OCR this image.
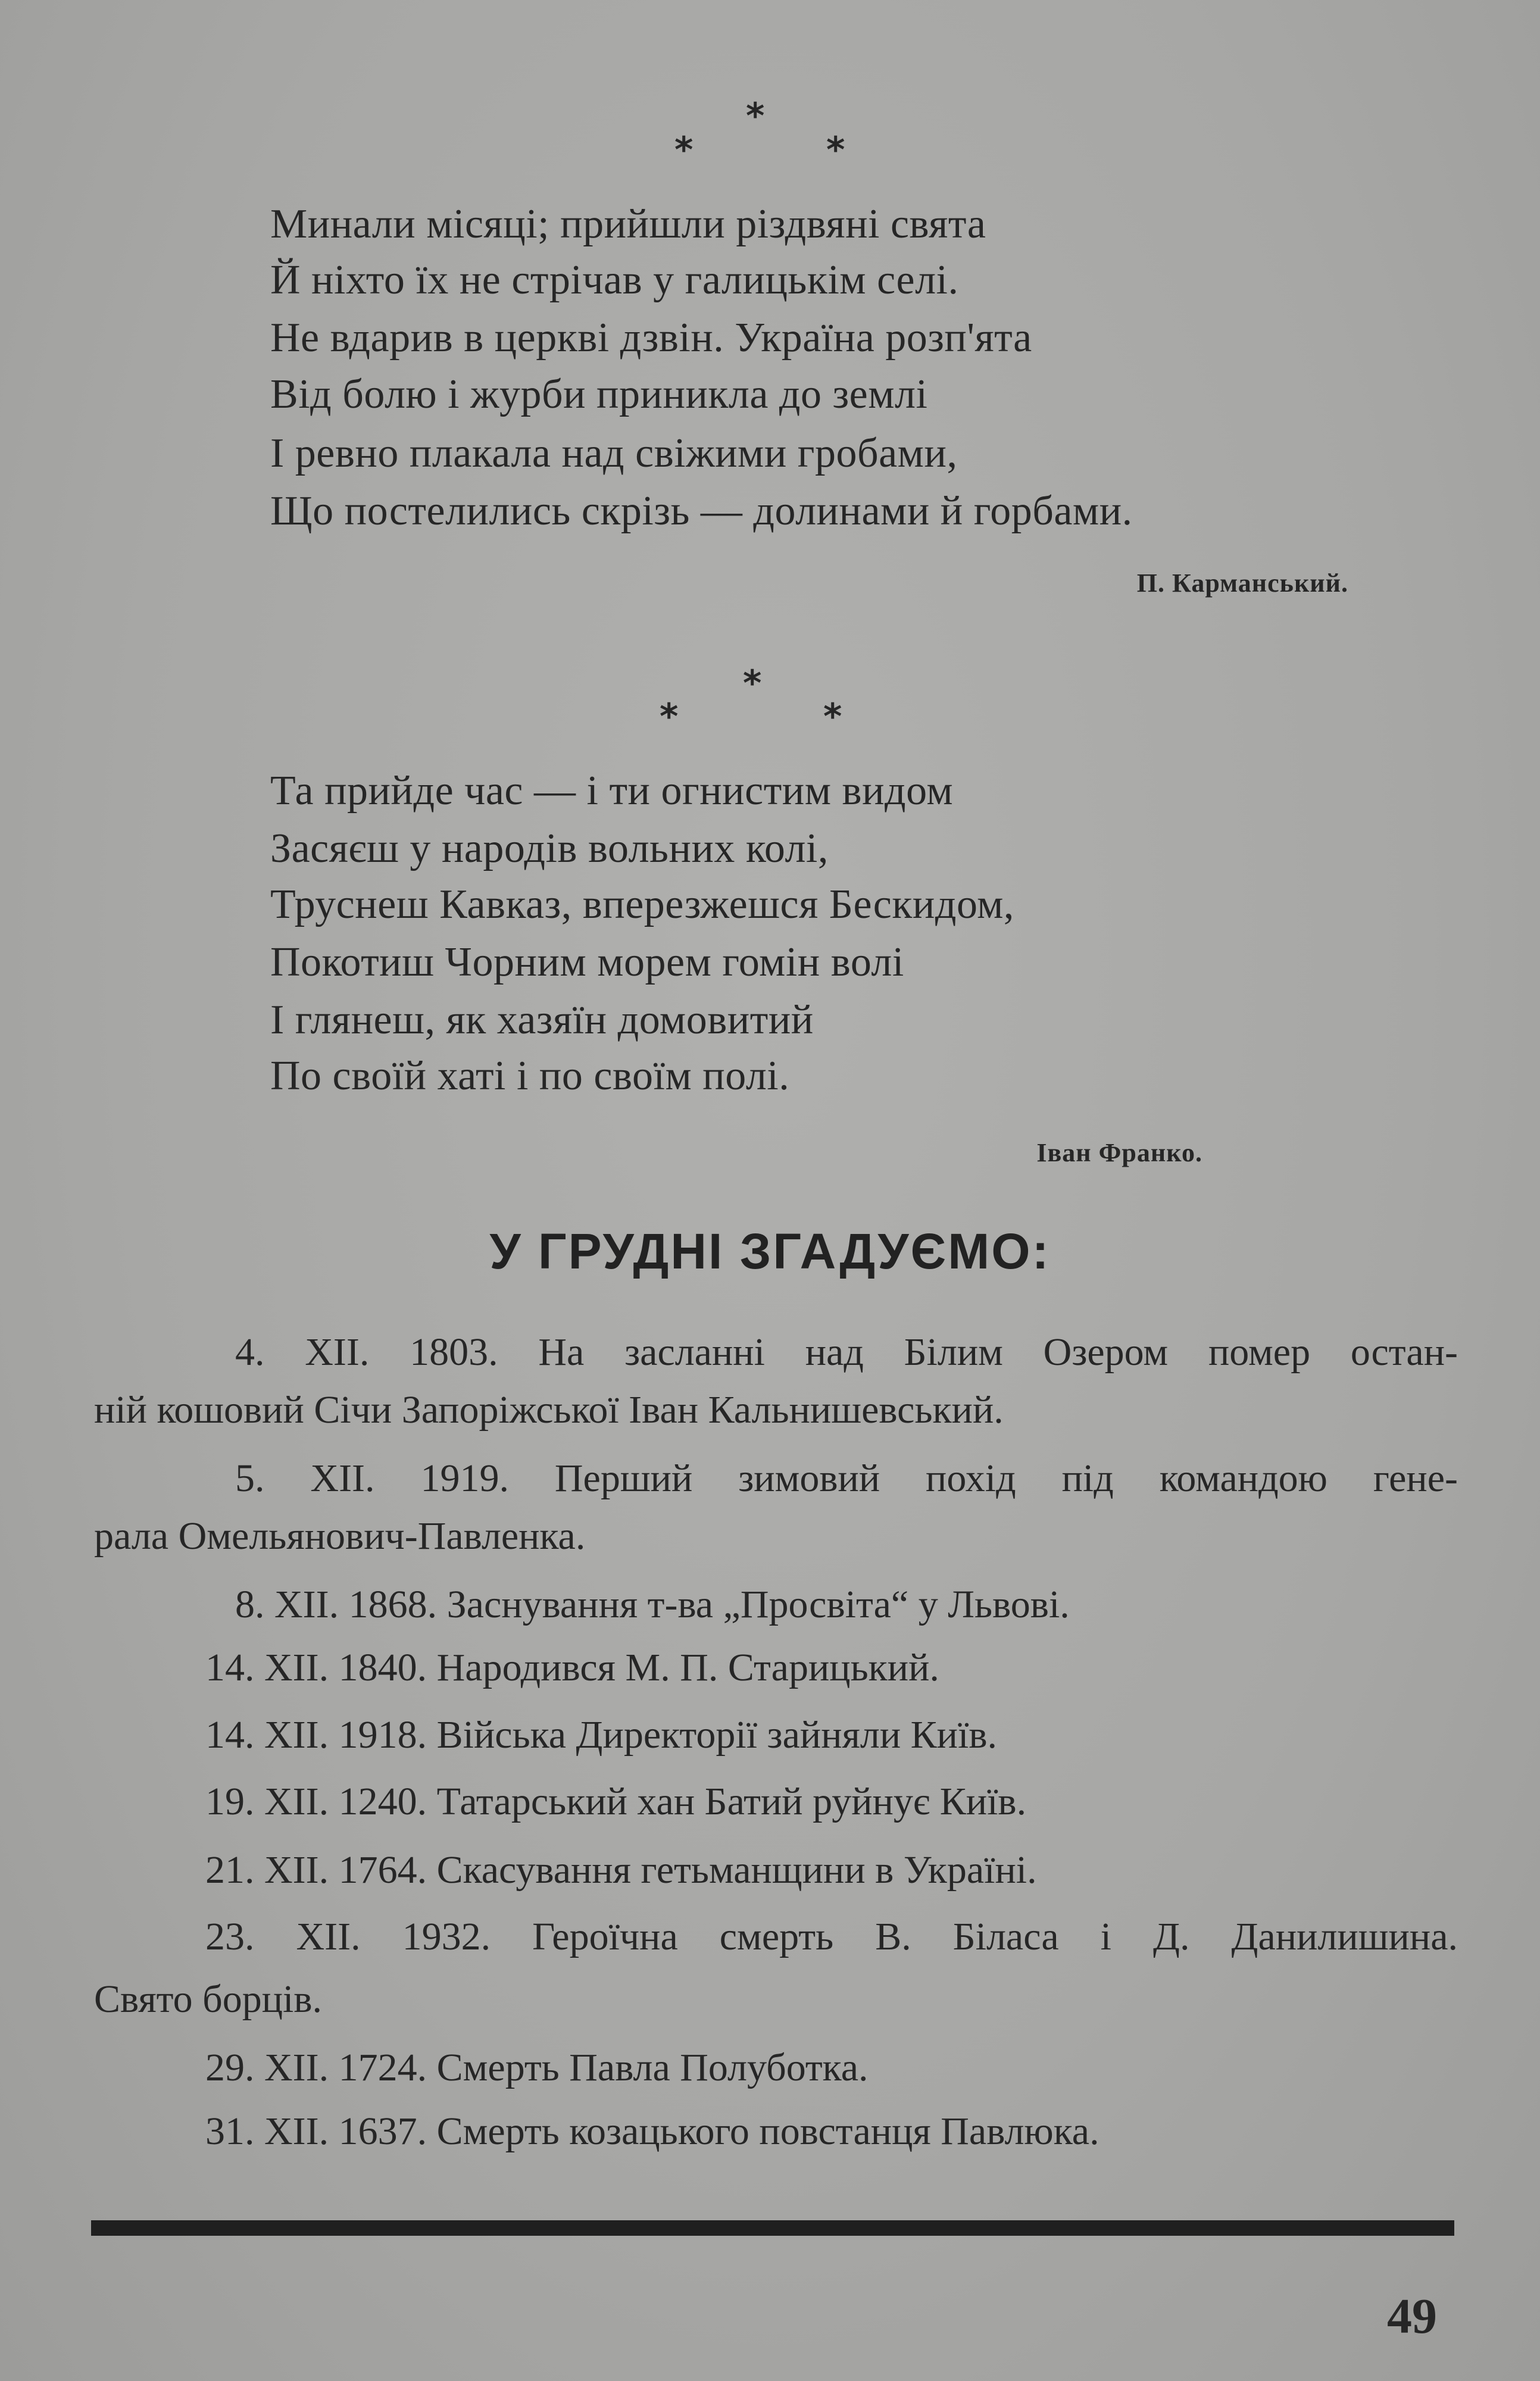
*
*	*
Минали місяці; прийшли різдвяні свята
Й ніхто їх не стрічав у галицькім селі.
Не вдарив в церкві дзвін. Україна розп'ята
Від болю і журби приникла до землі
І ревно плакала над свіжими гробами,
Що постелились скрізь — долинами й горбами.
П. Карманський.
*
*	*
Та прийде час — і ти огнистим видом
Засяєш у народів вольних колі,
Труснеш Кавказ, вперезжешся Бескидом,
Покотиш Чорним морем гомін волі
І глянеш, як хазяїн домовитий
По своїй хаті і по своїм полі.
Іван Франко.
У ГРУДНІ ЗГАДУЄМО:
4. XII. 1803. На засланні над Білим Озером помер остан-
ній кошовий Січи Запоріжської Іван Кальнишевський.
5. XII. 1919. Перший зимовий похід під командою гене-
рала Омельянович-Павленка.
8. XII. 1868. Заснування т-ва „Просвіта“ у Львові.
14. XII. 1840. Народився М. П. Старицький.
14. XII. 1918. Війська Директорії зайняли Київ.
19. XII. 1240. Татарський хан Батий руйнує Київ.
21. XII. 1764. Скасування гетьманщини в Україні.
23. XII. 1932. Героїчна смерть В. Біласа і Д. Данилишина.
Свято борців.
29. XII. 1724. Смерть Павла Полуботка.
31. XII. 1637. Смерть козацького повстанця Павлюка.
49
